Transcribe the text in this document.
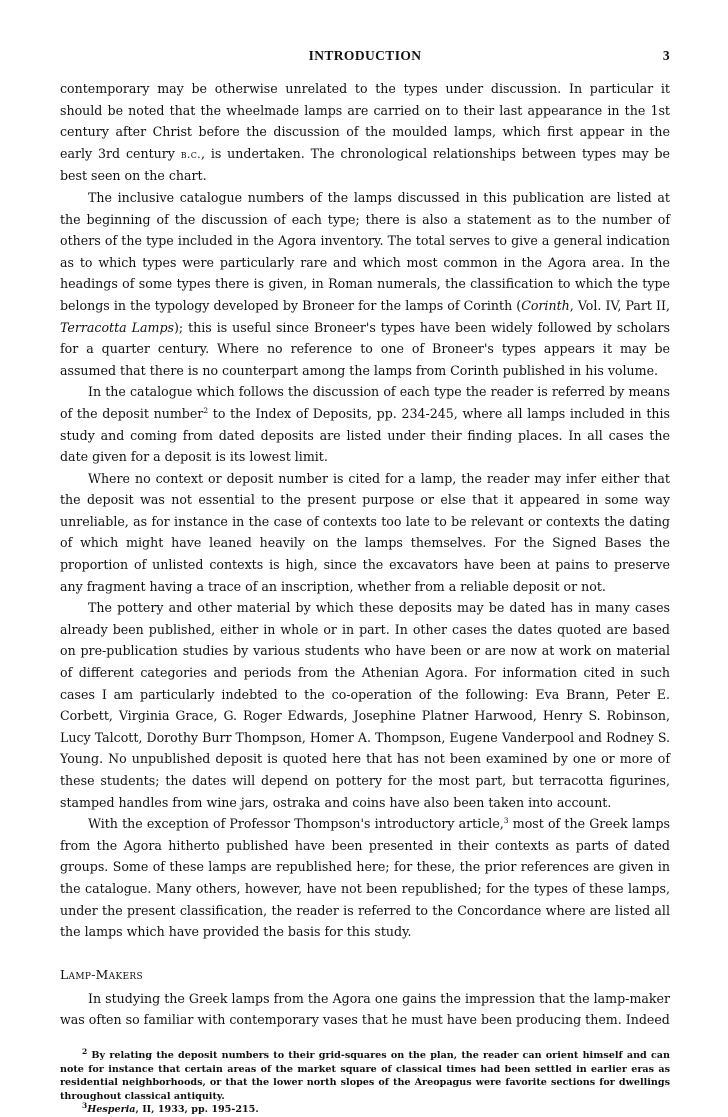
INTRODUCTION	3

contemporary may be otherwise unrelated to the types under discussion. In particular it should be noted that the wheelmade lamps are carried on to their last appearance in the 1st century after Christ before the discussion of the moulded lamps, which first appear in the early 3rd century b.c., is undertaken. The chronological relationships between types may be best seen on the chart.

The inclusive catalogue numbers of the lamps discussed in this publication are listed at the beginning of the discussion of each type; there is also a statement as to the number of others of the type included in the Agora inventory. The total serves to give a general indication as to which types were particularly rare and which most common in the Agora area. In the headings of some types there is given, in Roman numerals, the classification to which the type belongs in the typology developed by Broneer for the lamps of Corinth (Corinth, Vol. IV, Part II, Terracotta Lamps); this is useful since Broneer's types have been widely followed by scholars for a quarter century. Where no reference to one of Broneer's types appears it may be assumed that there is no counterpart among the lamps from Corinth published in his volume.

In the catalogue which follows the discussion of each type the reader is referred by means of the deposit number$^2$ to the Index of Deposits, pp. 234-245, where all lamps included in this study and coming from dated deposits are listed under their finding places. In all cases the date given for a deposit is its lowest limit.

Where no context or deposit number is cited for a lamp, the reader may infer either that the deposit was not essential to the present purpose or else that it appeared in some way unreliable, as for instance in the case of contexts too late to be relevant or contexts the dating of which might have leaned heavily on the lamps themselves. For the Signed Bases the proportion of unlisted contexts is high, since the excavators have been at pains to preserve any fragment having a trace of an inscription, whether from a reliable deposit or not.

The pottery and other material by which these deposits may be dated has in many cases already been published, either in whole or in part. In other cases the dates quoted are based on pre-publication studies by various students who have been or are now at work on material of different categories and periods from the Athenian Agora. For information cited in such cases I am particularly indebted to the co-operation of the following: Eva Brann, Peter E. Corbett, Virginia Grace, G. Roger Edwards, Josephine Platner Harwood, Henry S. Robinson, Lucy Talcott, Dorothy Burr Thompson, Homer A. Thompson, Eugene Vanderpool and Rodney S. Young. No unpublished deposit is quoted here that has not been examined by one or more of these students; the dates will depend on pottery for the most part, but terracotta figurines, stamped handles from wine jars, ostraka and coins have also been taken into account.

With the exception of Professor Thompson's introductory article,$^3$ most of the Greek lamps from the Agora hitherto published have been presented in their contexts as parts of dated groups. Some of these lamps are republished here; for these, the prior references are given in the catalogue. Many others, however, have not been republished; for the types of these lamps, under the present classification, the reader is referred to the Concordance where are listed all the lamps which have provided the basis for this study.

Lamp-Makers

In studying the Greek lamps from the Agora one gains the impression that the lamp-maker was often so familiar with contemporary vases that he must have been producing them. Indeed

$^2$ By relating the deposit numbers to their grid-squares on the plan, the reader can orient himself and can note for instance that certain areas of the market square of classical times had been settled in earlier eras as residential neighborhoods, or that the lower north slopes of the Areopagus were favorite sections for dwellings throughout classical antiquity.

$^3$Hesperia, II, 1933, pp. 195-215.
